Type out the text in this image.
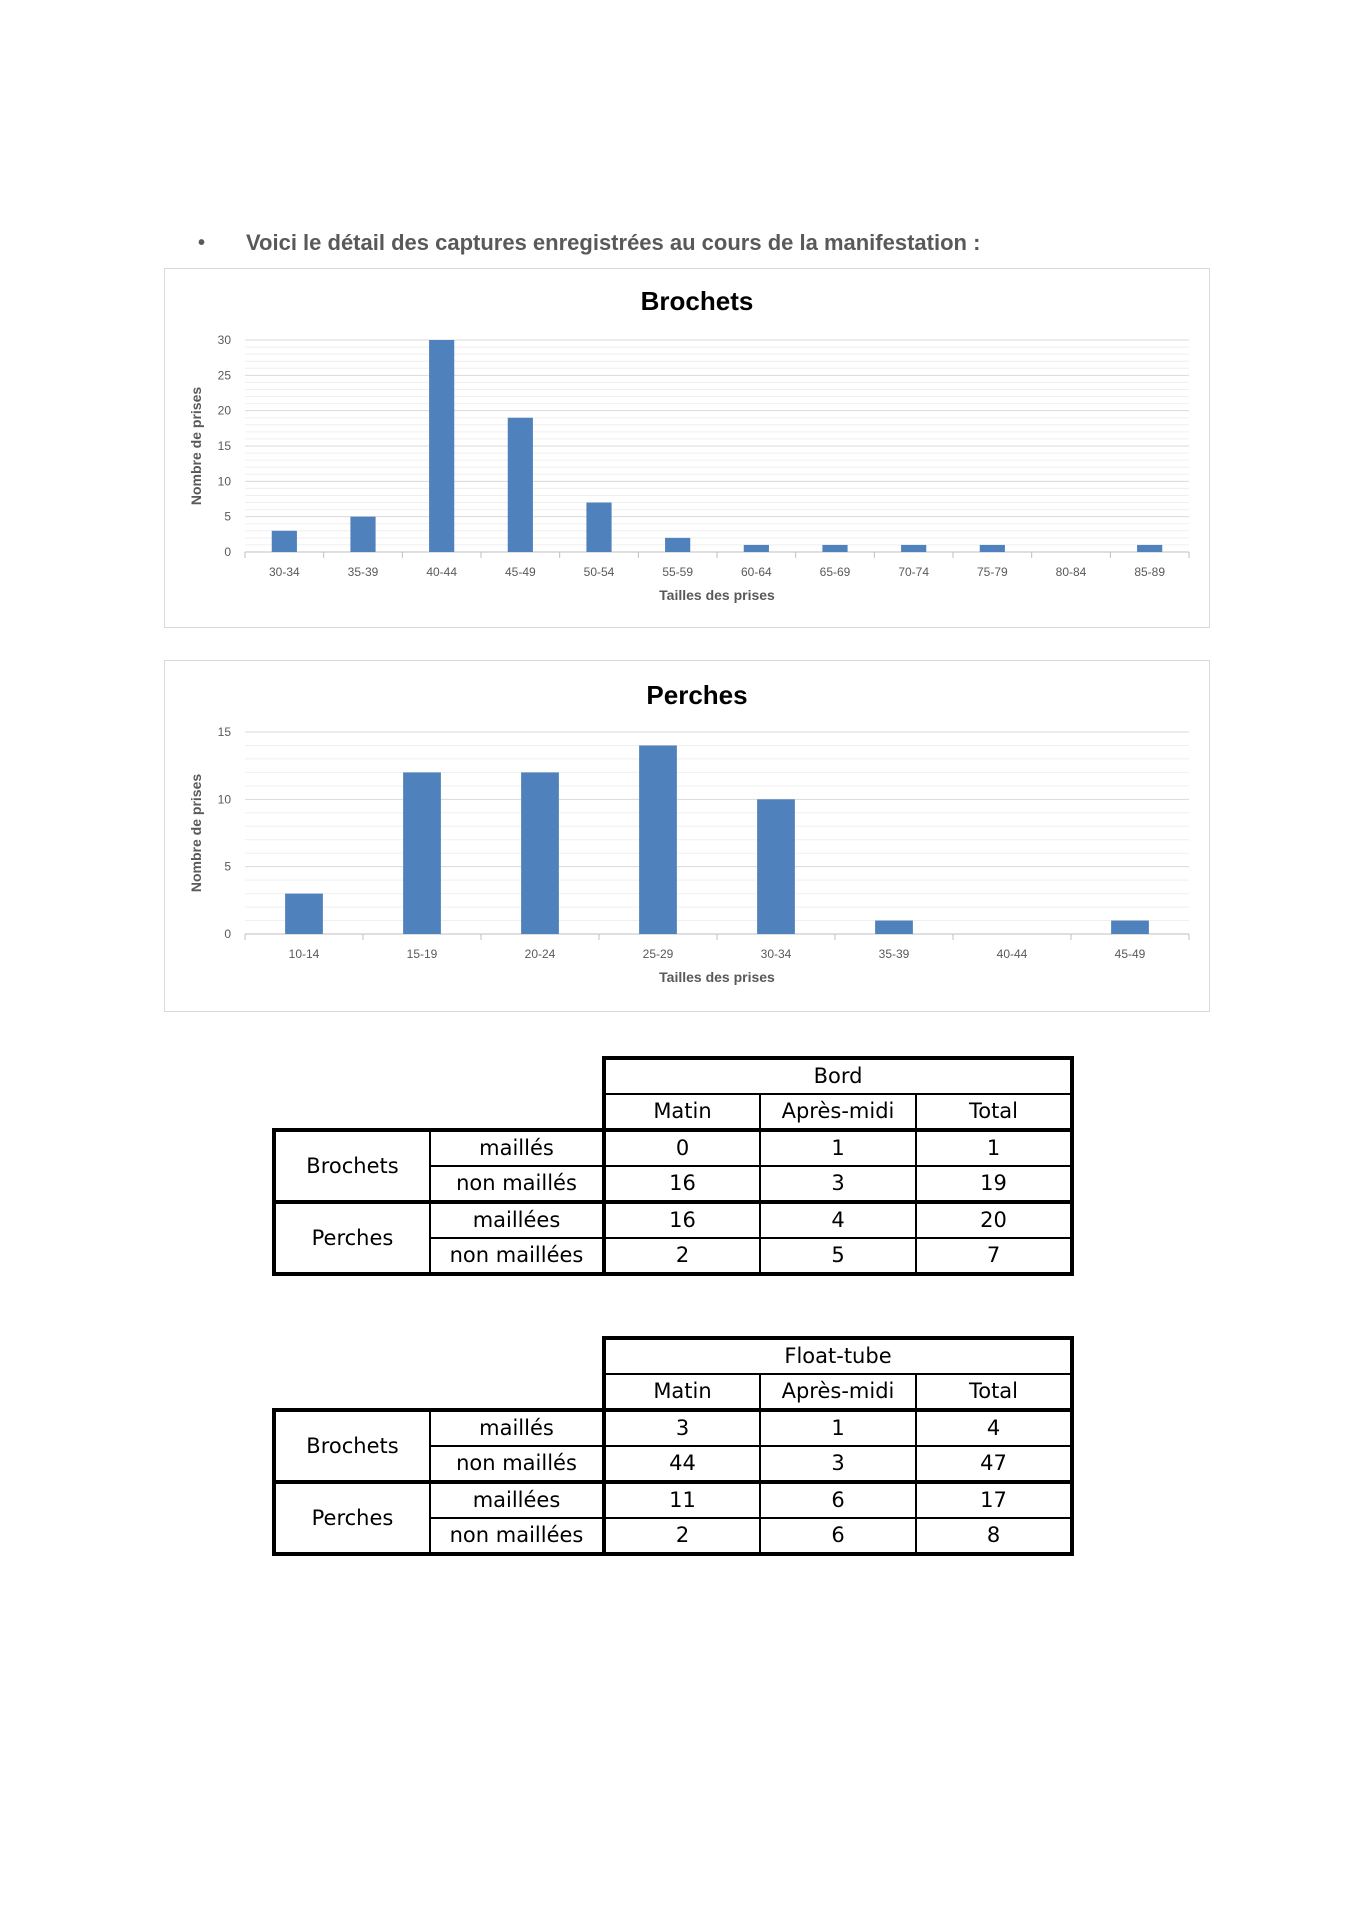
• Voici le détail des captures enregistrées au cours de la manifestation :
Brochets
0
5
10
15
20
25
30
30-34	35-39	40-44	45-49	50-54	55-59	60-64	65-69	70-74	75-79	80-84	85-89
Tailles des prises
Nombre de prises
Perches
0
5
10
15
10-14	15-19	20-24	25-29	30-34	35-39	40-44	45-49
Tailles des prises
Nombre de prises
		Bord		
		Matin	Après-midi	Total
Brochets	maillés	0	1	1
	non maillés	16	3	19
Perches	maillées	16	4	20
	non maillées	2	5	7
		Float-tube		
		Matin	Après-midi	Total
Brochets	maillés	3	1	4
	non maillés	44	3	47
Perches	maillées	11	6	17
	non maillées	2	6	8
